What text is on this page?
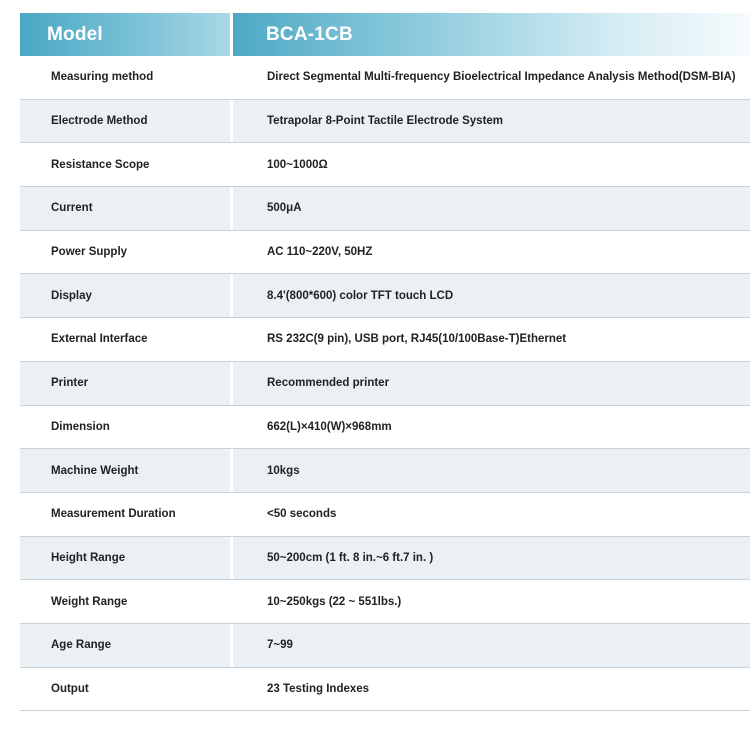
Model	BCA-1CB
Measuring method	Direct Segmental Multi-frequency Bioelectrical Impedance Analysis Method(DSM-BIA)
Electrode Method	Tetrapolar 8-Point Tactile Electrode System
Resistance Scope	100~1000Ω
Current	500μA
Power Supply	AC 110~220V, 50HZ
Display	8.4'(800*600) color TFT touch LCD
External Interface	RS 232C(9 pin), USB port, RJ45(10/100Base-T)Ethernet
Printer	Recommended printer
Dimension	662(L)×410(W)×968mm
Machine Weight	10kgs
Measurement Duration	<50 seconds
Height Range	50~200cm (1 ft. 8 in.~6 ft.7 in. )
Weight Range	10~250kgs (22 ~ 551lbs.)
Age Range	7~99
Output	23 Testing Indexes
